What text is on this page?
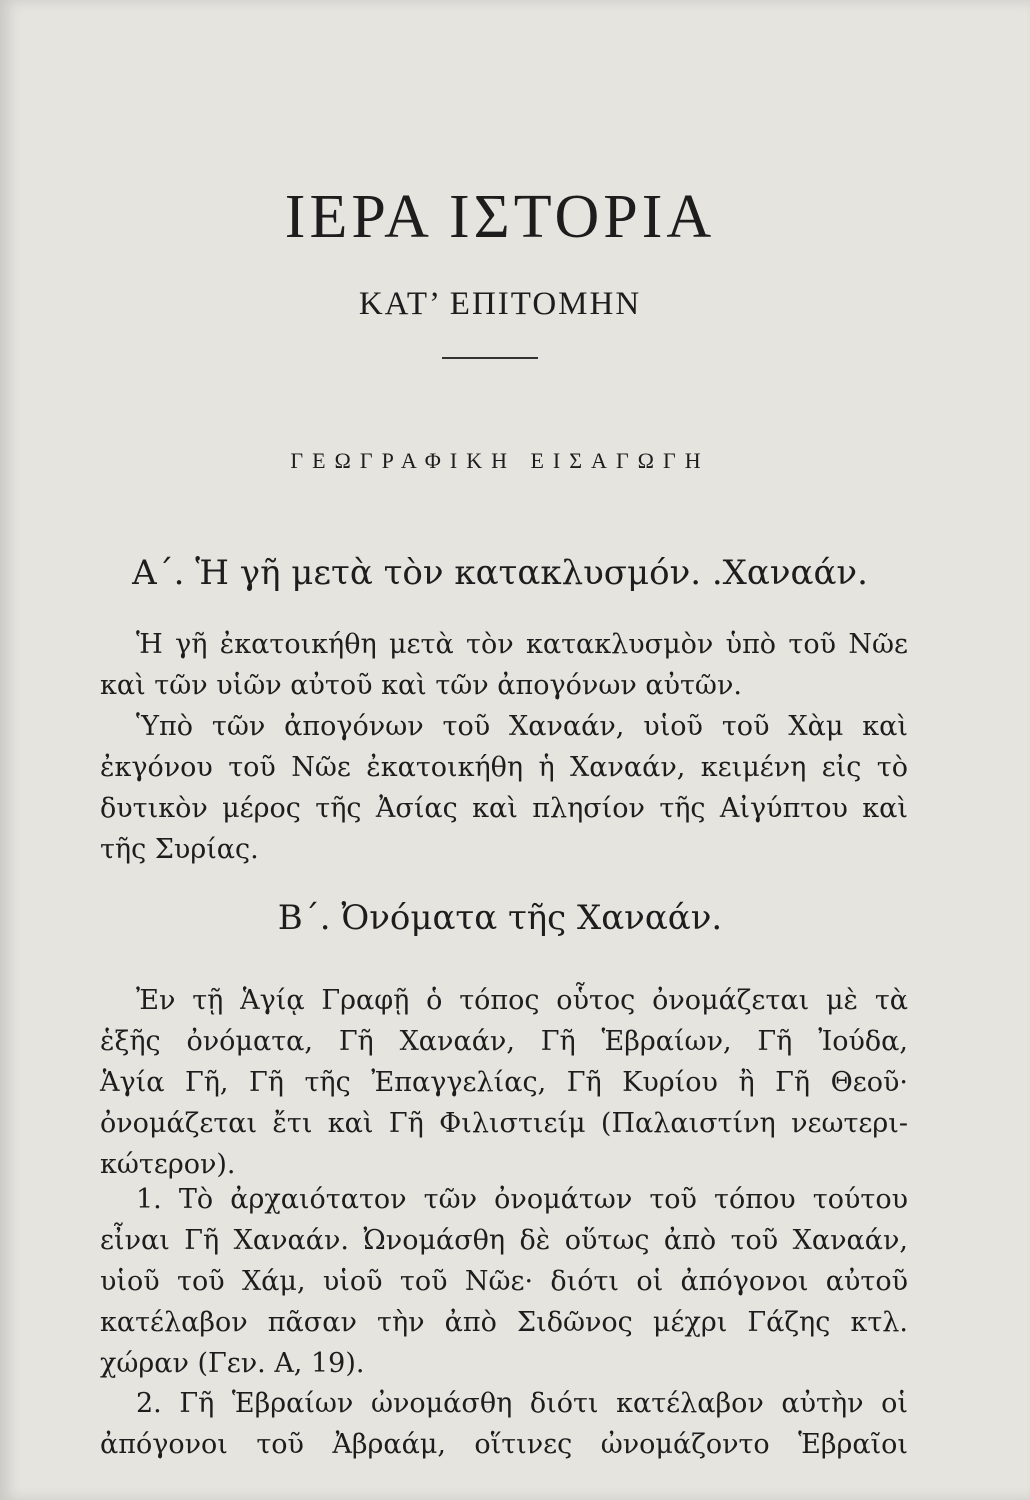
ΙΕΡΑ ΙΣΤΟΡΙΑ
ΚΑΤ’ ΕΠΙΤΟΜΗΝ
ΓΕΩΓΡΑΦΙΚΗ ΕΙΣΑΓΩΓΗ
Α΄. Ἡ γῆ μετὰ τὸν κατακλυσμόν. .Χαναάν.
Ἡ γῆ ἐκατοικήθη μετὰ τὸν κατακλυσμὸν ὑπὸ τοῦ Νῶε
καὶ τῶν υἱῶν αὐτοῦ καὶ τῶν ἀπογόνων αὐτῶν.
Ὑπὸ τῶν ἀπογόνων τοῦ Χαναάν, υἱοῦ τοῦ Χὰμ καὶ
ἐκγόνου τοῦ Νῶε ἐκατοικήθη ἡ Χαναάν, κειμένη εἰς τὸ
δυτικὸν μέρος τῆς Ἀσίας καὶ πλησίον τῆς Αἰγύπτου καὶ
τῆς Συρίας.
Β΄. Ὀνόματα τῆς Χαναάν.
Ἐν τῇ Ἁγίᾳ Γραφῇ ὁ τόπος οὗτος ὀνομάζεται μὲ τὰ
ἑξῆς ὀνόματα, Γῆ Χαναάν, Γῆ Ἑβραίων, Γῆ Ἰούδα,
Ἁγία Γῆ, Γῆ τῆς Ἐπαγγελίας, Γῆ Κυρίου ἢ Γῆ Θεοῦ·
ὀνομάζεται ἔτι καὶ Γῆ Φιλιστιείμ (Παλαιστίνη νεωτερι-
κώτερον).
1. Τὸ ἀρχαιότατον τῶν ὀνομάτων τοῦ τόπου τούτου
εἶναι Γῆ Χαναάν. Ὠνομάσθη δὲ οὕτως ἀπὸ τοῦ Χαναάν,
υἱοῦ τοῦ Χάμ, υἱοῦ τοῦ Νῶε· διότι οἱ ἀπόγονοι αὐτοῦ
κατέλαβον πᾶσαν τὴν ἀπὸ Σιδῶνος μέχρι Γάζης κτλ.
χώραν (Γεν. Α, 19).
2. Γῆ Ἑβραίων ὠνομάσθη διότι κατέλαβον αὐτὴν οἱ
ἀπόγονοι τοῦ Ἀβραάμ, οἵτινες ὠνομάζοντο Ἑβραῖοι
